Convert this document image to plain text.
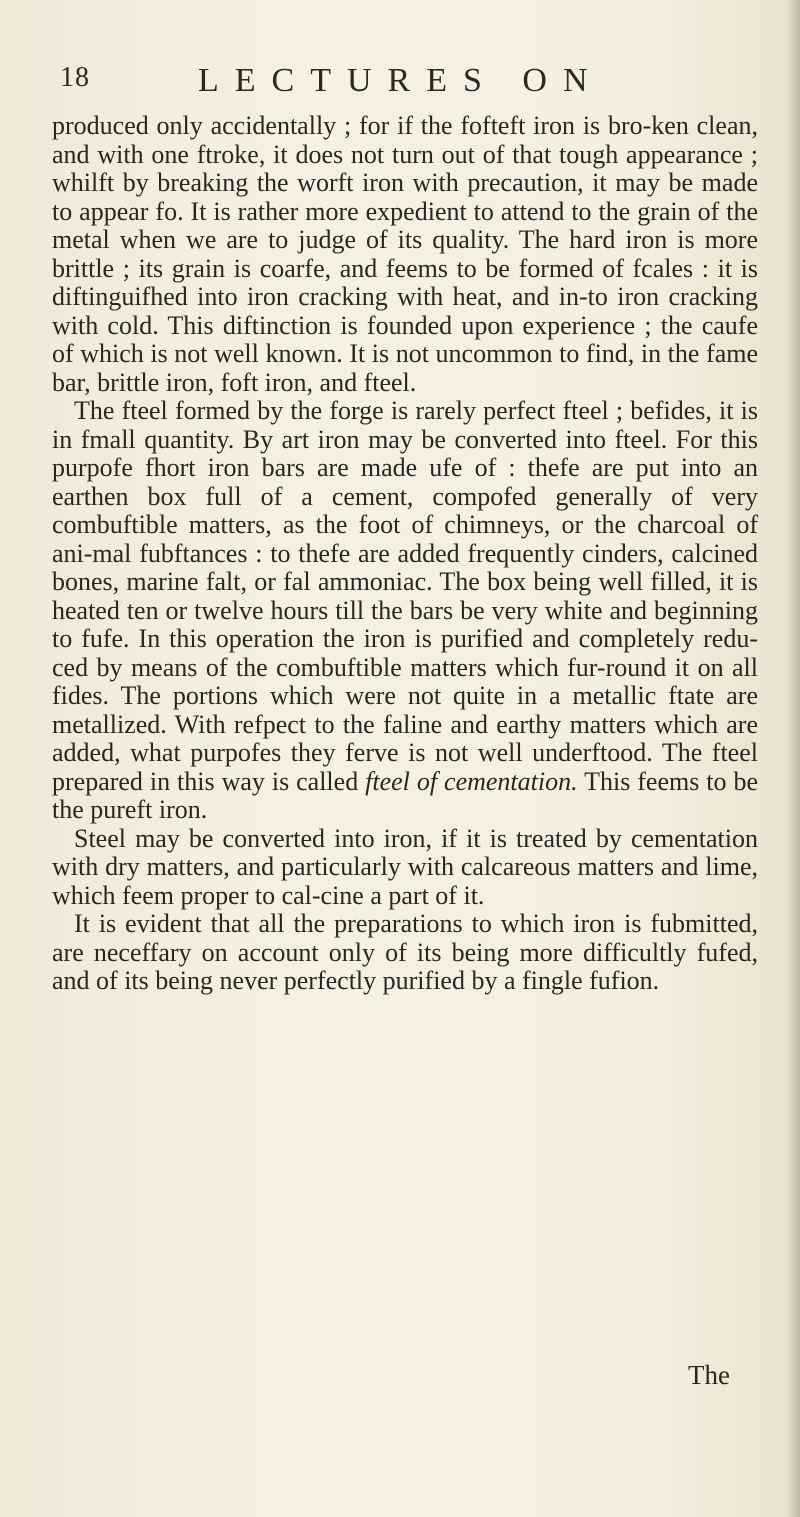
18	LECTURES ON

produced only accidentally ; for if the fofteft iron is bro-ken clean, and with one ftroke, it does not turn out of that tough appearance ; whilft by breaking the worft iron with precaution, it may be made to appear fo. It is rather more expedient to attend to the grain of the metal when we are to judge of its quality. The hard iron is more brittle ; its grain is coarfe, and feems to be formed of fcales : it is diftinguifhed into iron cracking with heat, and in-to iron cracking with cold. This diftinction is founded upon experience ; the caufe of which is not well known. It is not uncommon to find, in the fame bar, brittle iron, foft iron, and fteel.

The fteel formed by the forge is rarely perfect fteel ; befides, it is in fmall quantity. By art iron may be converted into fteel. For this purpofe fhort iron bars are made ufe of : thefe are put into an earthen box full of a cement, compofed generally of very combuftible matters, as the foot of chimneys, or the charcoal of ani-mal fubftances : to thefe are added frequently cinders, calcined bones, marine falt, or fal ammoniac. The box being well filled, it is heated ten or twelve hours till the bars be very white and beginning to fufe. In this operation the iron is purified and completely redu-ced by means of the combuftible matters which fur-round it on all fides. The portions which were not quite in a metallic ftate are metallized. With refpect to the faline and earthy matters which are added, what purpofes they ferve is not well underftood. The fteel prepared in this way is called fteel of cementation. This feems to be the pureft iron.

Steel may be converted into iron, if it is treated by cementation with dry matters, and particularly with calcareous matters and lime, which feem proper to cal-cine a part of it.

It is evident that all the preparations to which iron is fubmitted, are neceffary on account only of its being more difficultly fufed, and of its being never perfectly purified by a fingle fufion.

The
